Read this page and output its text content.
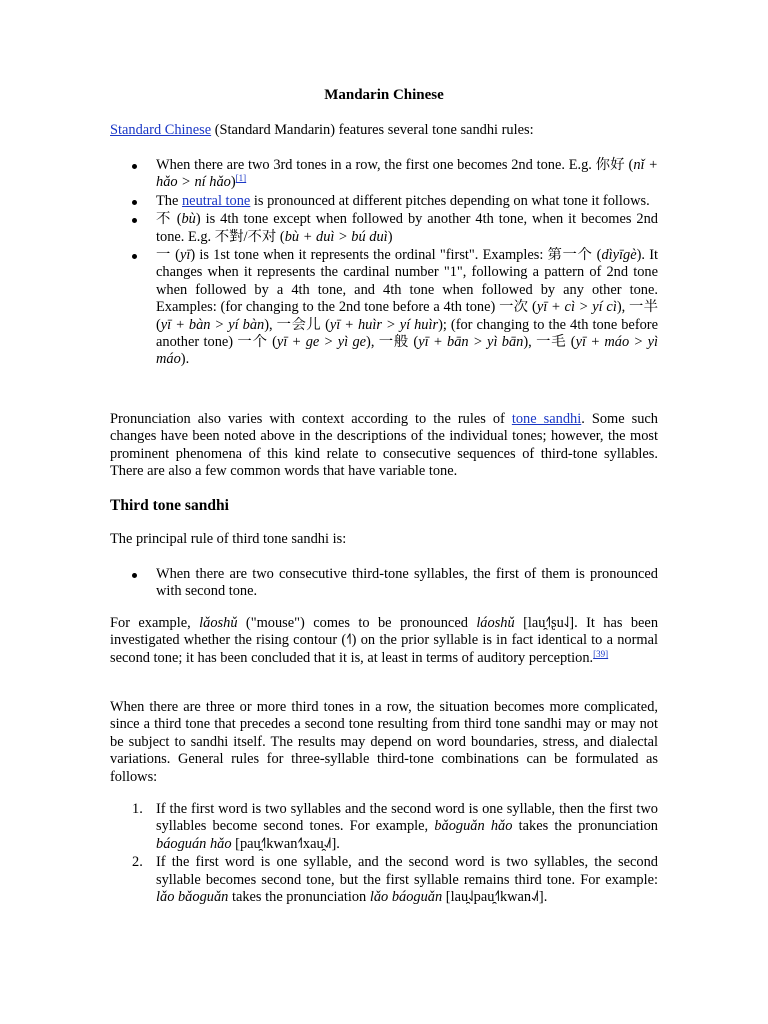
Mandarin Chinese

Standard Chinese (Standard Mandarin) features several tone sandhi rules:

When there are two 3rd tones in a row, the first one becomes 2nd tone. E.g. 你好 (nǐ + hǎo > ní hǎo)[1]
The neutral tone is pronounced at different pitches depending on what tone it follows.
不 (bù) is 4th tone except when followed by another 4th tone, when it becomes 2nd tone. E.g. 不對/不对 (bù + duì > bú duì)
一 (yī) is 1st tone when it represents the ordinal "first". Examples: 第一个 (dìyīgè). It changes when it represents the cardinal number "1", following a pattern of 2nd tone when followed by a 4th tone, and 4th tone when followed by any other tone. Examples: (for changing to the 2nd tone before a 4th tone) 一次 (yī + cì > yí cì), 一半 (yī + bàn > yí bàn), 一会儿 (yī + huìr > yí huìr); (for changing to the 4th tone before another tone) 一个 (yī + ge > yì ge), 一般 (yī + bān > yì bān), 一毛 (yī + máo > yì máo).

Pronunciation also varies with context according to the rules of tone sandhi. Some such changes have been noted above in the descriptions of the individual tones; however, the most prominent phenomena of this kind relate to consecutive sequences of third-tone syllables. There are also a few common words that have variable tone.

Third tone sandhi

The principal rule of third tone sandhi is:

When there are two consecutive third-tone syllables, the first of them is pronounced with second tone.

For example, lǎoshǔ ("mouse") comes to be pronounced láoshǔ [lau̯˧˥ʂu˨˩]. It has been investigated whether the rising contour (˧˥) on the prior syllable is in fact identical to a normal second tone; it has been concluded that it is, at least in terms of auditory perception.[39]

When there are three or more third tones in a row, the situation becomes more complicated, since a third tone that precedes a second tone resulting from third tone sandhi may or may not be subject to sandhi itself. The results may depend on word boundaries, stress, and dialectal variations. General rules for three-syllable third-tone combinations can be formulated as follows:

1. If the first word is two syllables and the second word is one syllable, then the first two syllables become second tones. For example, bǎoguǎn hǎo takes the pronunciation báoguán hǎo [pau̯˧˥kwan˧˥xau̯˨˩˦].
2. If the first word is one syllable, and the second word is two syllables, the second syllable becomes second tone, but the first syllable remains third tone. For example: lǎo bǎoguǎn takes the pronunciation lǎo báoguǎn [lau̯˨˩pau̯˧˥kwan˨˩˦].
